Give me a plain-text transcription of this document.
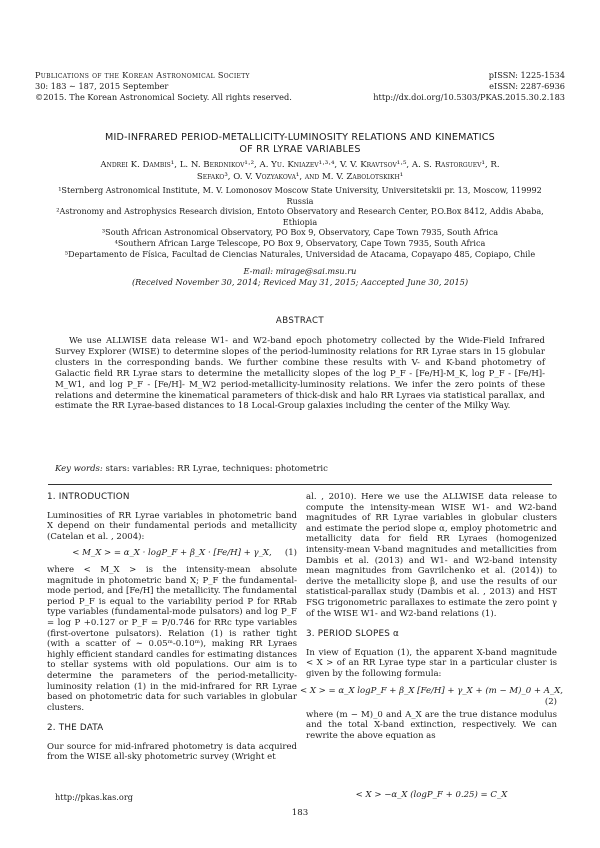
Publications of the Korean Astronomical Society
30: 183 ∼ 187, 2015 September
©2015. The Korean Astronomical Society. All rights reserved.
pISSN: 1225-1534
eISSN: 2287-6936
http://dx.doi.org/10.5303/PKAS.2015.30.2.183
MID-INFRARED PERIOD-METALLICITY-LUMINOSITY RELATIONS AND KINEMATICS
OF RR LYRAE VARIABLES
Andrei K. Dambis¹, L. N. Berdnikov¹·², A. Yu. Kniazev¹·³·⁴, V. V. Kravtsov¹·⁵, A. S. Rastorguev¹, R.
Sefako³, O. V. Vozyakova¹, and M. V. Zabolotskikh¹

¹Sternberg Astronomical Institute, M. V. Lomonosov Moscow State University, Universitetskii pr. 13, Moscow, 119992 Russia

²Astronomy and Astrophysics Research division, Entoto Observatory and Research Center, P.O.Box 8412, Addis Ababa, Ethiopia

³South African Astronomical Observatory, PO Box 9, Observatory, Cape Town 7935, South Africa

⁴Southern African Large Telescope, PO Box 9, Observatory, Cape Town 7935, South Africa

⁵Departamento de Física, Facultad de Ciencias Naturales, Universidad de Atacama, Copayapo 485, Copiapo, Chile

E-mail: mirage@sai.msu.ru
(Received November 30, 2014; Reviced May 31, 2015; Aaccepted June 30, 2015)
ABSTRACT
We use ALLWISE data release W1- and W2-band epoch photometry collected by the Wide-Field Infrared Survey Explorer (WISE) to determine slopes of the period-luminosity relations for RR Lyrae stars in 15 globular clusters in the corresponding bands. We further combine these results with V- and K-band photometry of Galactic field RR Lyrae stars to determine the metallicity slopes of the log P_F - [Fe/H]-M_K, log P_F - [Fe/H]-M_W1, and log P_F - [Fe/H]- M_W2 period-metallicity-luminosity relations. We infer the zero points of these relations and determine the kinematical parameters of thick-disk and halo RR Lyraes via statistical parallax, and estimate the RR Lyrae-based distances to 18 Local-Group galaxies including the center of the Milky Way.
Key words: stars: variables: RR Lyrae, techniques: photometric
1. INTRODUCTION

Luminosities of RR Lyrae variables in photometric band X depend on their fundamental periods and metallicity (Catelan et al. , 2004):

< M_X > = α_X · logP_F + β_X · [Fe/H] + γ_X, (1)

where < M_X > is the intensity-mean absolute magnitude in photometric band X; P_F the fundamental-mode period, and [Fe/H] the metallicity. The fundamental period P_F is equal to the variability period P for RRab type variables (fundamental-mode pulsators) and log P_F = log P +0.127 or P_F = P/0.746 for RRc type variables (first-overtone pulsators). Relation (1) is rather tight (with a scatter of ∼ 0.05ᵐ-0.10ᵐ), making RR Lyraes highly efficient standard candles for estimating distances to stellar systems with old populations. Our aim is to determine the parameters of the period-metallicity-luminosity relation (1) in the mid-infrared for RR Lyrae based on photometric data for such variables in globular clusters.

2. THE DATA

Our source for mid-infrared photometry is data acquired from the WISE all-sky photometric survey (Wright et

al. , 2010). Here we use the ALLWISE data release to compute the intensity-mean WISE W1- and W2-band magnitudes of RR Lyrae variables in globular clusters and estimate the period slope α, employ photometric and metallicity data for field RR Lyraes (homogenized intensity-mean V-band magnitudes and metallicities from Dambis et al. (2013) and W1- and W2-band intensity mean magnitudes from Gavrilchenko et al. (2014)) to derive the metallicity slope β, and use the results of our statistical-parallax study (Dambis et al. , 2013) and HST FSG trigonometric parallaxes to estimate the zero point γ of the WISE W1- and W2-band relations (1).

3. PERIOD SLOPES α

In view of Equation (1), the apparent X-band magnitude < X > of an RR Lyrae type star in a particular cluster is given by the following formula:

< X > = α_X logP_F + β_X [Fe/H] + γ_X + (m − M)_0 + A_X,
(2)

where (m − M)_0 and A_X are the true distance modulus and the total X-band extinction, respectively. We can rewrite the above equation as

< X > −α_X (logP_F + 0.25) = C_X
http://pkas.kas.org
183
